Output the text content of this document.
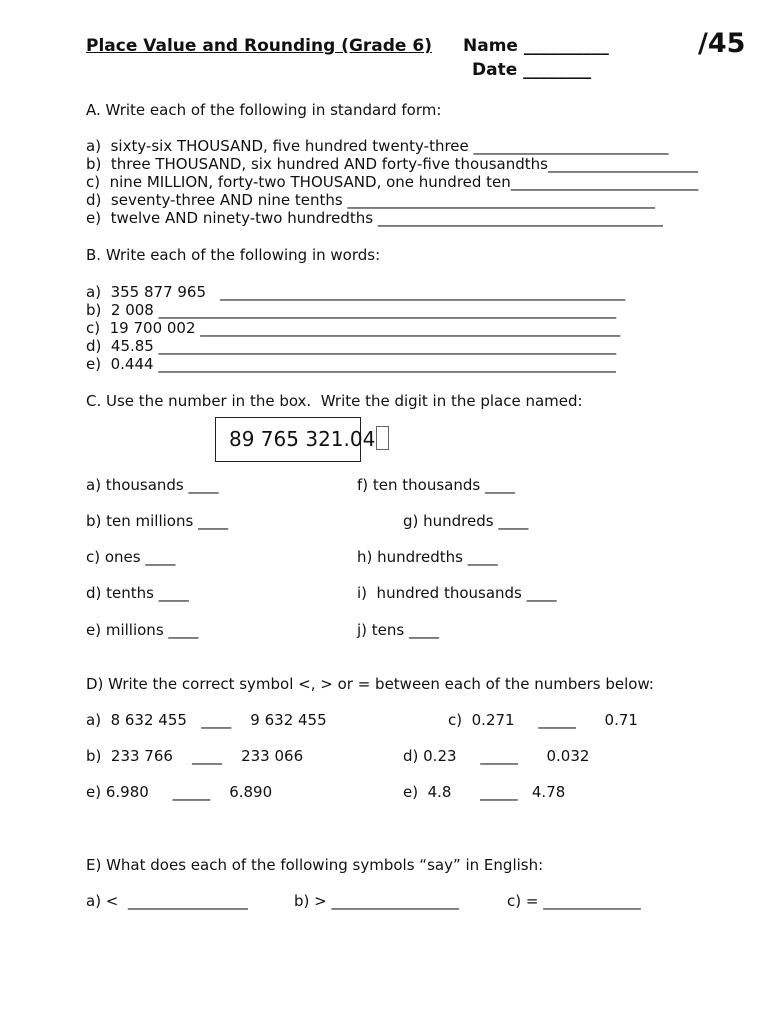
Place Value and Rounding (Grade 6) Name __________
Date ________
/45
A. Write each of the following in standard form:
a)  sixty-six THOUSAND, five hundred twenty-three __________________________
b)  three THOUSAND, six hundred AND forty-five thousandths____________________
c)  nine MILLION, forty-two THOUSAND, one hundred ten_________________________
d)  seventy-three AND nine tenths _________________________________________
e)  twelve AND ninety-two hundredths ______________________________________
B. Write each of the following in words:
a)  355 877 965   ______________________________________________________
b)  2 008 _____________________________________________________________
c)  19 700 002 ________________________________________________________
d)  45.85 _____________________________________________________________
e)  0.444 _____________________________________________________________
C. Use the number in the box.  Write the digit in the place named:
89 765 321.04
a) thousands ____
b) ten millions ____
c) ones ____
d) tenths ____
e) millions ____
f) ten thousands ____
g) hundreds ____
h) hundredths ____
i)  hundred thousands ____
j) tens ____
D) Write the correct symbol <, > or = between each of the numbers below:
a)  8 632 455   ____    9 632 455
b)  233 766    ____    233 066
e) 6.980     _____    6.890
c)  0.271     _____      0.71
d) 0.23     _____      0.032
e)  4.8      _____   4.78
E) What does each of the following symbols “say” in English:
a) <  ________________	b) > _________________	c) = _____________
